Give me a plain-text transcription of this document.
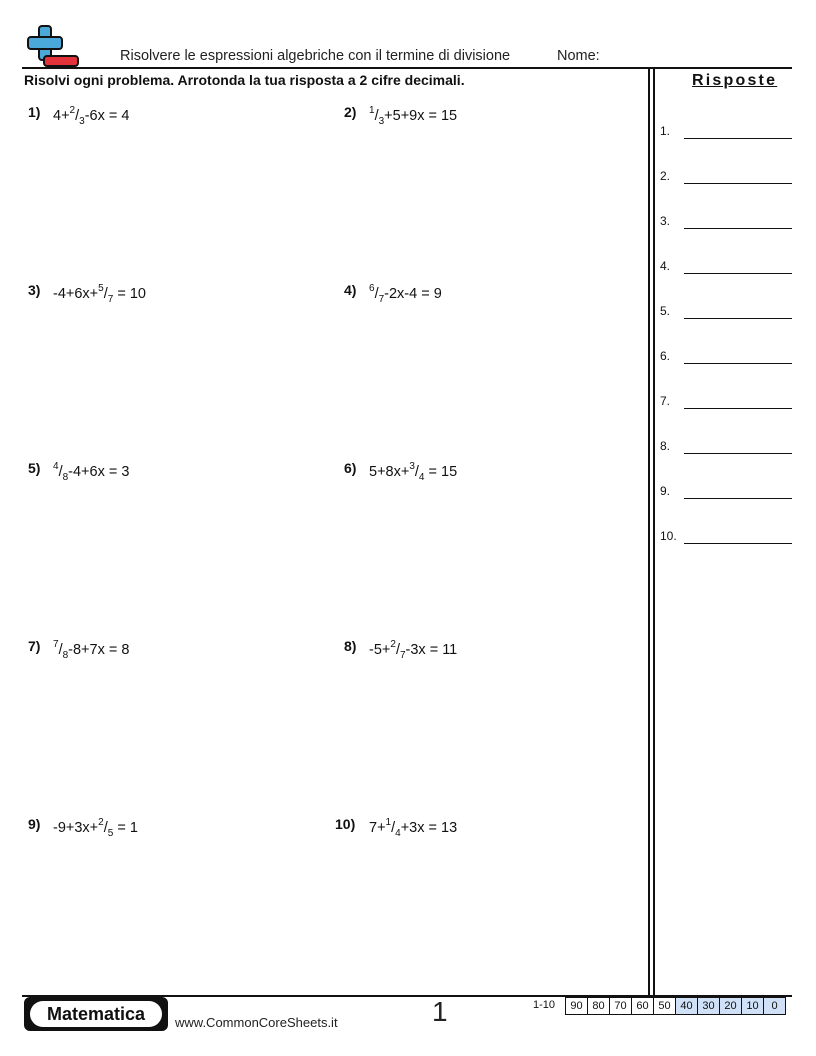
Risolvere le espressioni algebriche con il termine di divisione	Nome:
Risolvi ogni problema. Arrotonda la tua risposta a 2 cifre decimali.
1) $4+^2/_3-6x = 4$	2) $^1/_3+5+9x = 15$
3) $-4+6x+^5/_7 = 10$	4) $^6/_7-2x-4 = 9$
5) $^4/_8-4+6x = 3$	6) $5+8x+^3/_4 = 15$
7) $^7/_8-8+7x = 8$	8) $-5+^2/_7-3x = 11$
9) $-9+3x+^2/_5 = 1$	10) $7+^1/_4+3x = 13$
Risposte
1.
2.
3.
4.
5.
6.
7.
8.
9.
10.
Matematica	www.CommonCoreSheets.it	1	1-10	90 80 70 60 50 40 30 20 10	0
